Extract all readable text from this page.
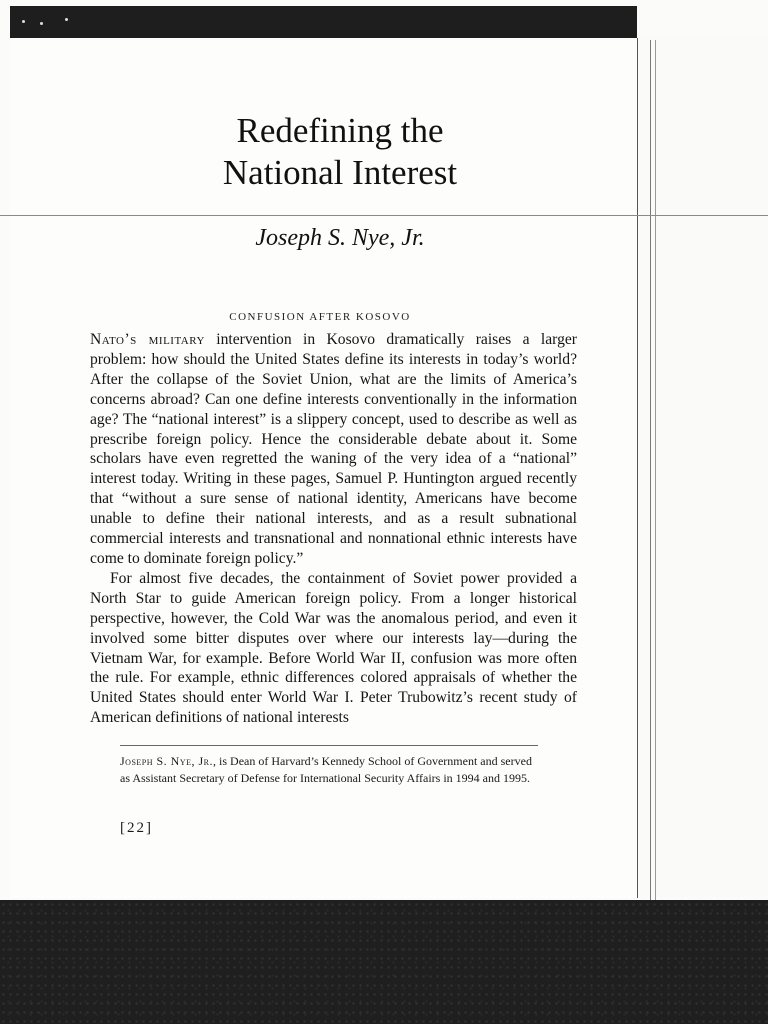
Redefining the
National Interest
Joseph S. Nye, Jr.
CONFUSION AFTER KOSOVO

Nato’s military intervention in Kosovo dramatically raises a larger problem: how should the United States define its interests in today’s world? After the collapse of the Soviet Union, what are the limits of America’s concerns abroad? Can one define interests conventionally in the information age? The “national interest” is a slippery concept, used to describe as well as prescribe foreign policy. Hence the considerable debate about it. Some scholars have even regretted the waning of the very idea of a “national” interest today. Writing in these pages, Samuel P. Huntington argued recently that “without a sure sense of national identity, Americans have become unable to define their national interests, and as a result subnational commercial interests and transnational and nonnational ethnic interests have come to dominate foreign policy.”

For almost five decades, the containment of Soviet power provided a North Star to guide American foreign policy. From a longer historical perspective, however, the Cold War was the anomalous period, and even it involved some bitter disputes over where our interests lay—during the Vietnam War, for example. Before World War II, confusion was more often the rule. For example, ethnic differences colored appraisals of whether the United States should enter World War I. Peter Trubowitz’s recent study of American definitions of national interests

Joseph S. Nye, Jr., is Dean of Harvard’s Kennedy School of Government and served as Assistant Secretary of Defense for International Security Affairs in 1994 and 1995.

[22]
